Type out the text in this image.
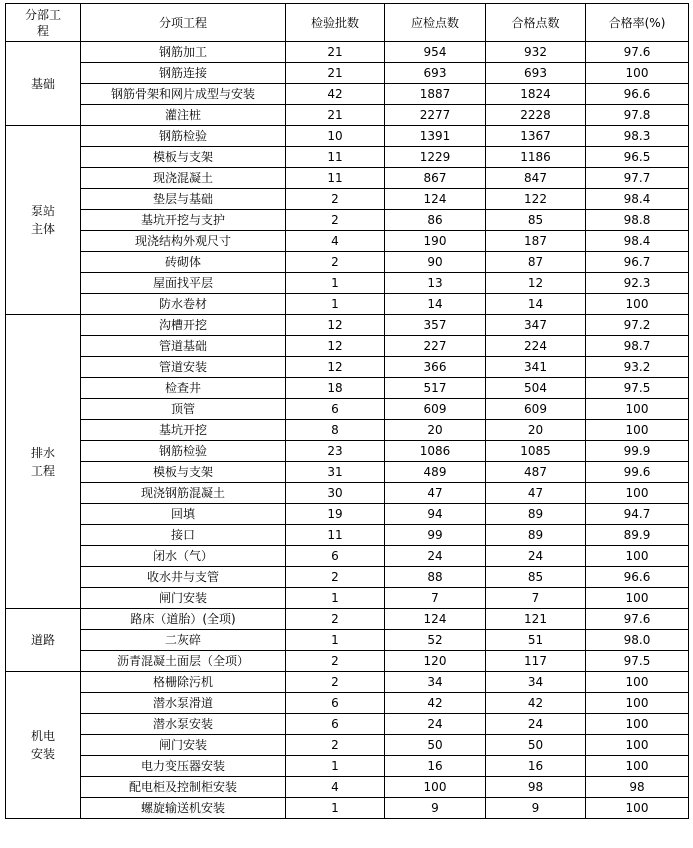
分部工程	分项工程	检验批数	应检点数	合格点数	合格率(%)
基础	钢筋加工	21	954	932	97.6
	钢筋连接	21	693	693	100
	钢筋骨架和网片成型与安装	42	1887	1824	96.6
	灌注桩	21	2277	2228	97.8
泵站主体	钢筋检验	10	1391	1367	98.3
	模板与支架	11	1229	1186	96.5
	现浇混凝土	11	867	847	97.7
	垫层与基础	2	124	122	98.4
	基坑开挖与支护	2	86	85	98.8
	现浇结构外观尺寸	4	190	187	98.4
	砖砌体	2	90	87	96.7
	屋面找平层	1	13	12	92.3
	防水卷材	1	14	14	100
排水工程	沟槽开挖	12	357	347	97.2
	管道基础	12	227	224	98.7
	管道安装	12	366	341	93.2
	检查井	18	517	504	97.5
	顶管	6	609	609	100
	基坑开挖	8	20	20	100
	钢筋检验	23	1086	1085	99.9
	模板与支架	31	489	487	99.6
	现浇钢筋混凝土	30	47	47	100
	回填	19	94	89	94.7
	接口	11	99	89	89.9
	闭水（气）	6	24	24	100
	收水井与支管	2	88	85	96.6
	闸门安装	1	7	7	100
道路	路床（道胎）(全项)	2	124	121	97.6
	二灰碎	1	52	51	98.0
	沥青混凝土面层（全项）	2	120	117	97.5
机电安装	格栅除污机	2	34	34	100
	潜水泵滑道	6	42	42	100
	潜水泵安装	6	24	24	100
	闸门安装	2	50	50	100
	电力变压器安装	1	16	16	100
	配电柜及控制柜安装	4	100	98	98
	螺旋输送机安装	1	9	9	100
